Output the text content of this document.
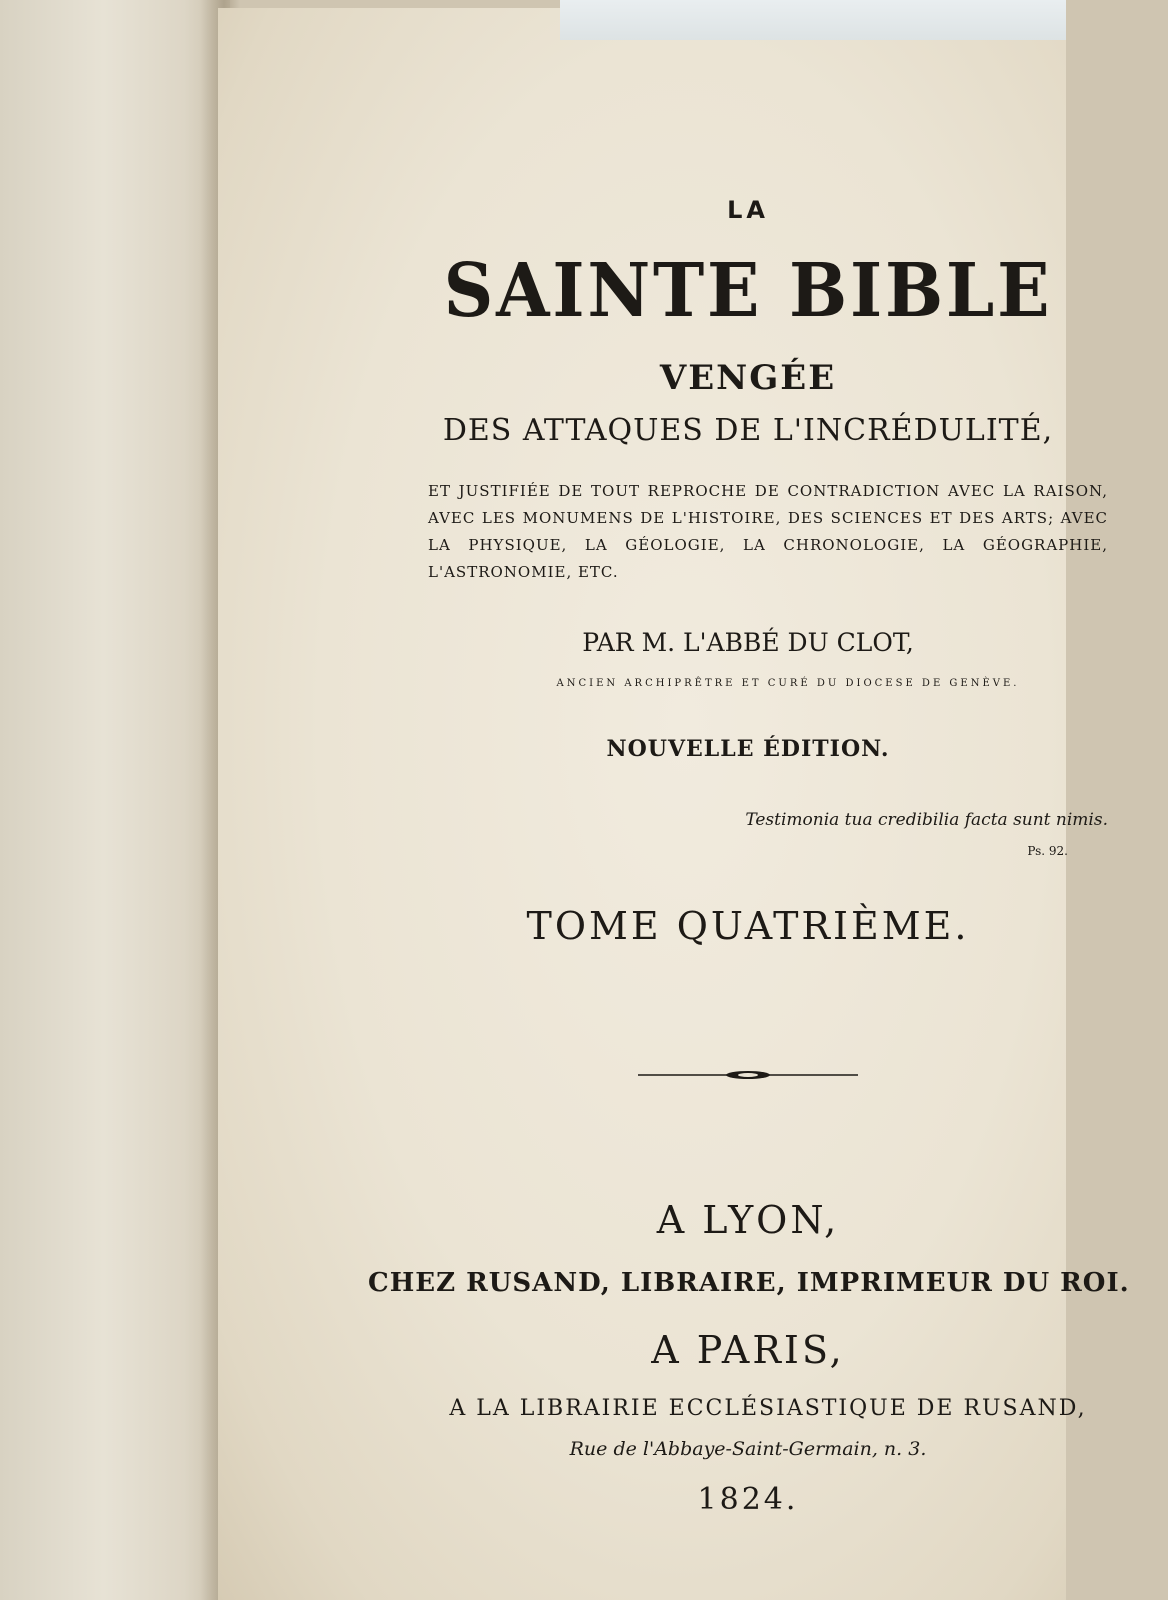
LA
SAINTE BIBLE
VENGÉE
DES ATTAQUES DE L'INCRÉDULITÉ,
ET JUSTIFIÉE DE TOUT REPROCHE DE CONTRADICTION AVEC LA RAISON, AVEC LES MONUMENS DE L'HISTOIRE, DES SCIENCES ET DES ARTS; AVEC LA PHYSIQUE, LA GÉOLOGIE, LA CHRONOLOGIE, LA GÉOGRAPHIE, L'ASTRONOMIE, ETC.
PAR M. L'ABBÉ DU CLOT,
ANCIEN ARCHIPRÊTRE ET CURÉ DU DIOCESE DE GENÈVE.
NOUVELLE ÉDITION.
Testimonia tua credibilia facta sunt nimis.
Ps. 92.
TOME QUATRIÈME.
A LYON,
CHEZ RUSAND, LIBRAIRE, IMPRIMEUR DU ROI.
A PARIS,
A LA LIBRAIRIE ECCLÉSIASTIQUE DE RUSAND,
Rue de l'Abbaye-Saint-Germain, n. 3.
1824.
